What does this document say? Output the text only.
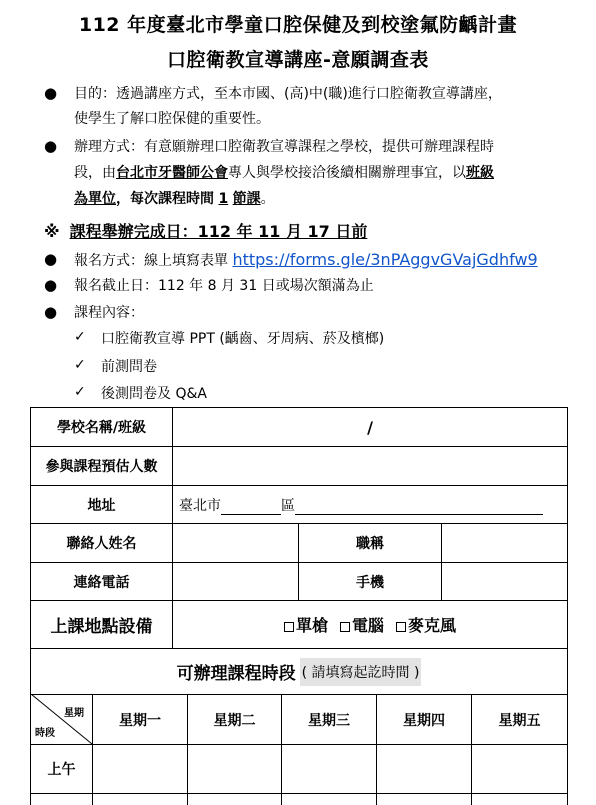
112 年度臺北市學童口腔保健及到校塗氟防齲計畫
口腔衛教宣導講座-意願調查表
● 目的：透過講座方式，至本市國、(高)中(職)進行口腔衛教宣導講座，
使學生了解口腔保健的重要性。
● 辦理方式：有意願辦理口腔衛教宣導課程之學校，提供可辦理課程時
段，由台北市牙醫師公會專人與學校接洽後續相關辦理事宜，以班級
為單位，每次課程時間 1 節課。
※ 課程舉辦完成日：112 年 11 月 17 日前
● 報名方式：線上填寫表單 https://forms.gle/3nPAggvGVajGdhfw9
● 報名截止日：112 年 8 月 31 日或場次額滿為止
● 課程內容：
✓ 口腔衛教宣導 PPT (齲齒、牙周病、菸及檳榔)
✓ 前測問卷
✓ 後測問卷及 Q&A
學校名稱/班級	/
參與課程預估人數
地址	臺北市	區
聯絡人姓名	職稱
連絡電話	手機
上課地點設備	單槍	電腦	麥克風
可辦理課程時段 ( 請填寫起訖時間 )
星期
時段
星期一	星期二	星期三	星期四	星期五
上午
